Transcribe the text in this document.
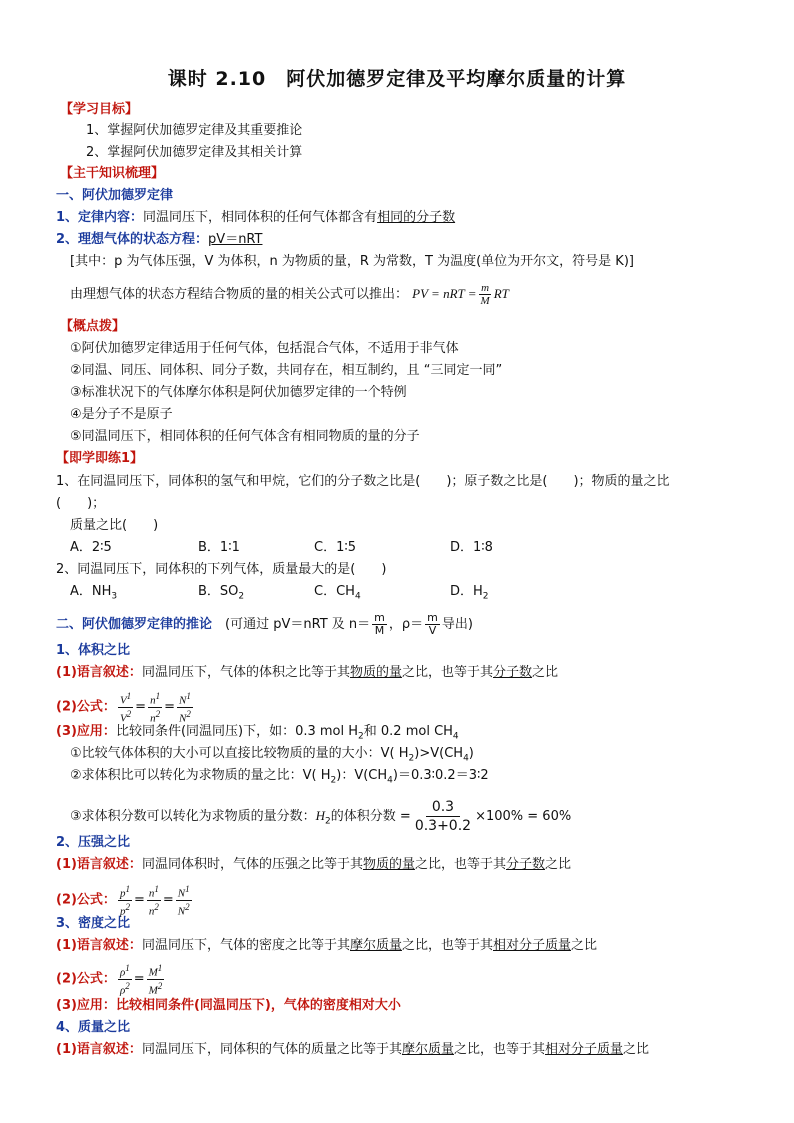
课时 2.10　阿伏加德罗定律及平均摩尔质量的计算
【学习目标】
1、掌握阿伏加德罗定律及其重要推论
2、掌握阿伏加德罗定律及其相关计算
【主干知识梳理】
一、阿伏加德罗定律
1、定律内容：同温同压下，相同体积的任何气体都含有相同的分子数
2、理想气体的状态方程：pV＝nRT
[其中：p 为气体压强，V 为体积，n 为物质的量，R 为常数，T 为温度(单位为开尔文，符号是 K)]
由理想气体的状态方程结合物质的量的相关公式可以推出： PV = nRT = $\frac{m}{M}$ RT
【概点拨】
①阿伏加德罗定律适用于任何气体，包括混合气体，不适用于非气体
②同温、同压、同体积、同分子数，共同存在，相互制约，且 “三同定一同”
③标准状况下的气体摩尔体积是阿伏加德罗定律的一个特例
④是分子不是原子
⑤同温同压下，相同体积的任何气体含有相同物质的量的分子
【即学即练1】
1、在同温同压下，同体积的氢气和甲烷，它们的分子数之比是(　　)；原子数之比是(　　)；物质的量之比
(　　)；
质量之比(　　)
A．2∶5	B．1∶1	C．1∶5	D．1∶8
2、同温同压下，同体积的下列气体，质量最大的是(　　)
A．$NH_3$	B．$SO_2$	C．$CH_4$	D．$H_2$
二、阿伏伽德罗定律的推论　 (可通过 pV＝nRT 及 $n= \frac{m}{M}$ ，$\rho= \frac{m}{V}$ 导出)
1、体积之比
(1)语言叙述：同温同压下，气体的体积之比等于其物质的量之比，也等于其分子数之比
(2)公式： $\frac{V^1}{V^2} = \frac{n^1}{n^2} = \frac{N^1}{N^2}$
(3)应用：比较同条件(同温同压)下，如：0.3 mol $H_2$和 0.2 mol $CH_4$
①比较气体体积的大小可以直接比较物质的量的大小：V( $H_2)>V(CH_4)$
②求体积比可以转化为求物质的量之比：V( $H_2$)：$V(CH_4)=0.3∶0.2=3∶2$
③求体积分数可以转化为求物质的量分数：$H_2$的体积分数 = $\frac{0.3}{0.3+0.2} \times 100\% = 60\%$
2、压强之比
(1)语言叙述：同温同体积时，气体的压强之比等于其物质的量之比，也等于其分子数之比
(2)公式： $\frac{p^1}{p^2} = \frac{n^1}{n^2} = \frac{N^1}{N^2}$
3、密度之比
(1)语言叙述：同温同压下，气体的密度之比等于其摩尔质量之比，也等于其相对分子质量之比
(2)公式： $\frac{\rho^1}{\rho^2} = \frac{M^1}{M^2}$
(3)应用：比较相同条件(同温同压下)，气体的密度相对大小
4、质量之比
(1)语言叙述：同温同压下，同体积的气体的质量之比等于其摩尔质量之比，也等于其相对分子质量之比
